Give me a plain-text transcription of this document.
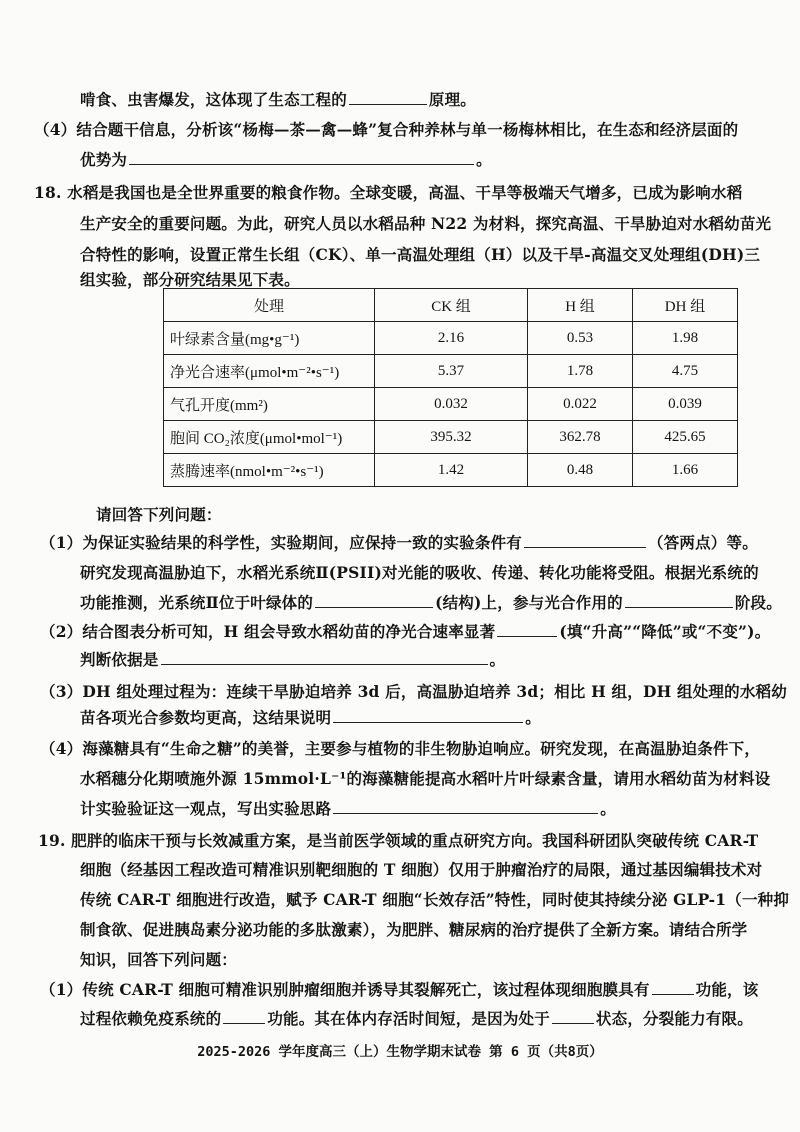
啃食、虫害爆发，这体现了生态工程的	原理。
（4）结合题干信息，分析该“杨梅—茶—禽—蜂”复合种养林与单一杨梅林相比，在生态和经济层面的
优势为	。
18. 水稻是我国也是全世界重要的粮食作物。全球变暖，高温、干旱等极端天气增多，已成为影响水稻
生产安全的重要问题。为此，研究人员以水稻品种 N22 为材料，探究高温、干旱胁迫对水稻幼苗光
合特性的影响，设置正常生长组（CK）、单一高温处理组（H）以及干旱-高温交叉处理组(DH)三
组实验，部分研究结果见下表。
处理	CK 组	H 组	DH 组
叶绿素含量(mg•g⁻¹)	2.16	0.53	1.98
净光合速率(μmol•m⁻²•s⁻¹)	5.37	1.78	4.75
气孔开度(mm²)	0.032	0.022	0.039
胞间 CO₂浓度(μmol•mol⁻¹)	395.32	362.78	425.65
蒸腾速率(nmol•m⁻²•s⁻¹)	1.42	0.48	1.66
请回答下列问题：
（1）为保证实验结果的科学性，实验期间，应保持一致的实验条件有	（答两点）等。
研究发现高温胁迫下，水稻光系统Ⅱ(PSII)对光能的吸收、传递、转化功能将受阻。根据光系统的
功能推测，光系统Ⅱ位于叶绿体的	(结构)上，参与光合作用的	阶段。
（2）结合图表分析可知，H 组会导致水稻幼苗的净光合速率显著	(填“升高”“降低”或“不变”)。
判断依据是	。
（3）DH 组处理过程为：连续干旱胁迫培养 3d 后，高温胁迫培养 3d；相比 H 组，DH 组处理的水稻幼
苗各项光合参数均更高，这结果说明	。
（4）海藻糖具有“生命之糖”的美誉，主要参与植物的非生物胁迫响应。研究发现，在高温胁迫条件下，
水稻穗分化期喷施外源 15mmol·L⁻¹的海藻糖能提高水稻叶片叶绿素含量，请用水稻幼苗为材料设
计实验验证这一观点，写出实验思路	。
19. 肥胖的临床干预与长效减重方案，是当前医学领域的重点研究方向。我国科研团队突破传统 CAR-T
细胞（经基因工程改造可精准识别靶细胞的 T 细胞）仅用于肿瘤治疗的局限，通过基因编辑技术对
传统 CAR-T 细胞进行改造，赋予 CAR-T 细胞“长效存活”特性，同时使其持续分泌 GLP-1（一种抑
制食欲、促进胰岛素分泌功能的多肽激素），为肥胖、糖尿病的治疗提供了全新方案。请结合所学
知识，回答下列问题：
（1）传统 CAR-T 细胞可精准识别肿瘤细胞并诱导其裂解死亡，该过程体现细胞膜具有	功能，该
过程依赖免疫系统的	功能。其在体内存活时间短，是因为处于	状态，分裂能力有限。
2025-2026 学年度高三（上）生物学期末试卷 第 6 页（共8页）
